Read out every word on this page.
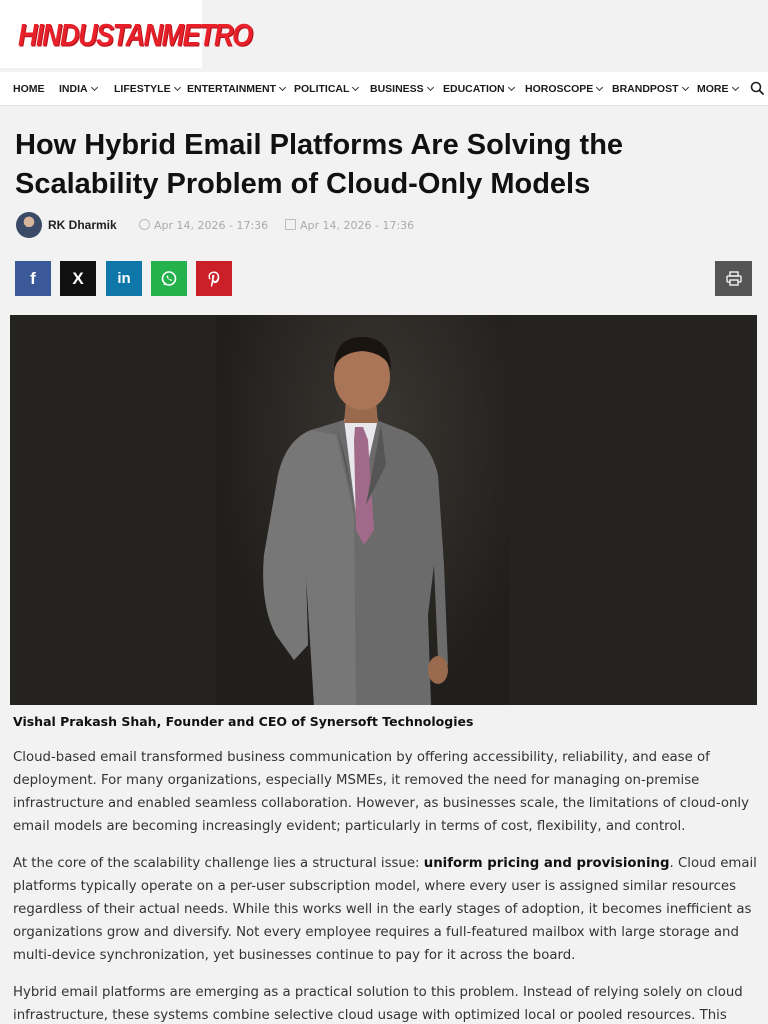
HINDUSTANMETRO
HOME INDIA	LIFESTYLE	ENTERTAINMENT	POLITICAL	BUSINESS	EDUCATION	HOROSCOPE	BRANDPOST	MORE
How Hybrid Email Platforms Are Solving the Scalability Problem of Cloud-Only Models
RK Dharmik	Apr 14, 2026 - 17:36	Apr 14, 2026 - 17:36
f X in
Vishal Prakash Shah, Founder and CEO of Synersoft Technologies

Cloud-based email transformed business communication by offering accessibility, reliability, and ease of deployment. For many organizations, especially MSMEs, it removed the need for managing on-premise infrastructure and enabled seamless collaboration. However, as businesses scale, the limitations of cloud-only email models are becoming increasingly evident; particularly in terms of cost, flexibility, and control.

At the core of the scalability challenge lies a structural issue: uniform pricing and provisioning. Cloud email platforms typically operate on a per-user subscription model, where every user is assigned similar resources regardless of their actual needs. While this works well in the early stages of adoption, it becomes inefficient as organizations grow and diversify. Not every employee requires a full-featured mailbox with large storage and multi-device synchronization, yet businesses continue to pay for it across the board.

Hybrid email platforms are emerging as a practical solution to this problem. Instead of relying solely on cloud infrastructure, these systems combine selective cloud usage with optimized local or pooled resources. This
